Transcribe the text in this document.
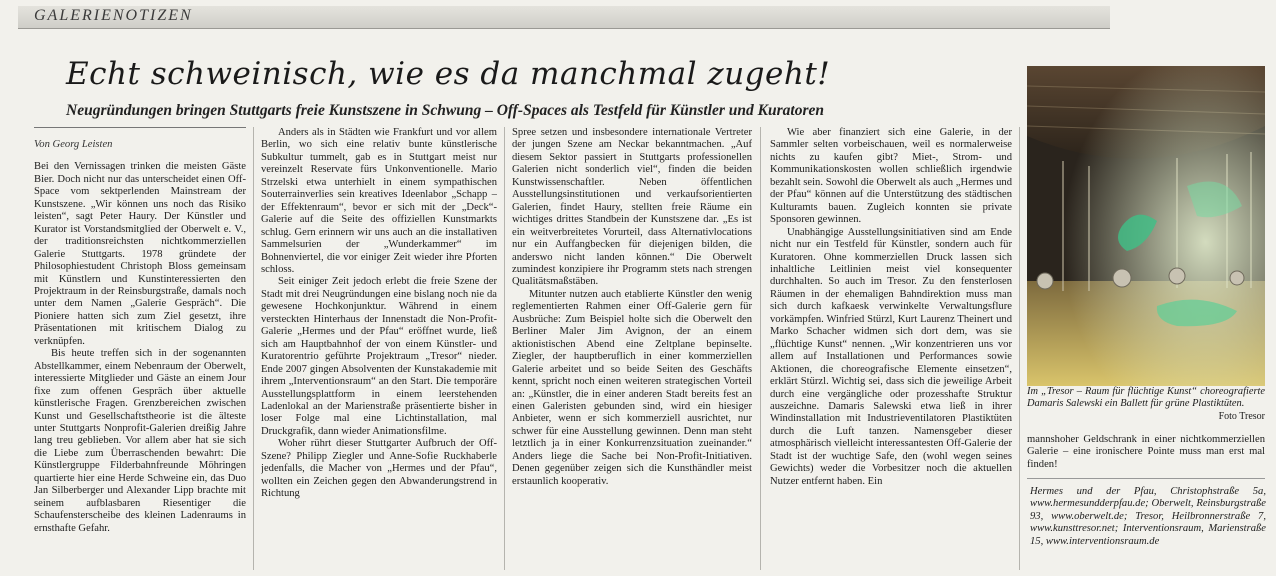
GALERIENOTIZEN
Echt schweinisch, wie es da manchmal zugeht!
Neugründungen bringen Stuttgarts freie Kunstszene in Schwung – Off-Spaces als Testfeld für Künstler und Kuratoren
Von Georg Leisten

Bei den Vernissagen trinken die meisten Gäste Bier. Doch nicht nur das unterscheidet einen Off-Space vom sektperlenden Mainstream der Kunstszene. „Wir können uns noch das Risiko leisten“, sagt Peter Haury. Der Künstler und Kurator ist Vorstandsmitglied der Oberwelt e. V., der traditionsreichsten nichtkommerziellen Galerie Stuttgarts. 1978 gründete der Philosophiestudent Christoph Bloss gemeinsam mit Künstlern und Kunstinteressierten den Projektraum in der Reinsburgstraße, damals noch unter dem Namen „Galerie Gespräch“. Die Pioniere hatten sich zum Ziel gesetzt, ihre Präsentationen mit kritischem Dialog zu verknüpfen.

Bis heute treffen sich in der sogenannten Abstellkammer, einem Nebenraum der Oberwelt, interessierte Mitglieder und Gäste an einem Jour fixe zum offenen Gespräch über aktuelle künstlerische Fragen. Grenzbereichen zwischen Kunst und Gesellschaftstheorie ist die älteste unter Stuttgarts Nonprofit-Galerien dreißig Jahre lang treu geblieben. Vor allem aber hat sie sich die Liebe zum Überraschenden bewahrt: Die Künstlergruppe Filderbahnfreunde Möhringen quartierte hier eine Herde Schweine ein, das Duo Jan Silberberger und Alexander Lipp brachte mit seinem aufblasbaren Riesentiger die Schaufensterscheibe des kleinen Ladenraums in ernsthafte Gefahr.

Anders als in Städten wie Frankfurt und vor allem Berlin, wo sich eine relativ bunte künstlerische Subkultur tummelt, gab es in Stuttgart meist nur vereinzelt Reservate fürs Unkonventionelle. Mario Strzelski etwa unterhielt in einem sympathischen Souterrainverlies sein kreatives Ideenlabor „Schapp – der Effektenraum“, bevor er sich mit der „Deck“-Galerie auf die Seite des offiziellen Kunstmarkts schlug. Gern erinnern wir uns auch an die installativen Sammelsurien der „Wunderkammer“ im Bohnenviertel, die vor einiger Zeit wieder ihre Pforten schloss.

Seit einiger Zeit jedoch erlebt die freie Szene der Stadt mit drei Neugründungen eine bislang noch nie da gewesene Hochkonjunktur. Während in einem versteckten Hinterhaus der Innenstadt die Non-Profit-Galerie „Hermes und der Pfau“ eröffnet wurde, ließ sich am Hauptbahnhof der von einem Künstler- und Kuratorentrio geführte Projektraum „Tresor“ nieder. Ende 2007 gingen Absolventen der Kunstakademie mit ihrem „Interventionsraum“ an den Start. Die temporäre Ausstellungsplattform in einem leerstehenden Ladenlokal an der Marienstraße präsentierte bisher in loser Folge mal eine Lichtinstallation, mal Druckgrafik, dann wieder Animationsfilme.

Woher rührt dieser Stuttgarter Aufbruch der Off-Szene? Philipp Ziegler und Anne-Sofie Ruckhaberle jedenfalls, die Macher von „Hermes und der Pfau“, wollten ein Zeichen gegen den Abwanderungstrend in Richtung

Spree setzen und insbesondere internationale Vertreter der jungen Szene am Neckar bekanntmachen. „Auf diesem Sektor passiert in Stuttgarts professionellen Galerien nicht sonderlich viel“, finden die beiden Kunstwissenschaftler. Neben öffentlichen Ausstellungsinstitutionen und verkaufsorientierten Galerien, findet Haury, stellten freie Räume ein wichtiges drittes Standbein der Kunstszene dar. „Es ist ein weitverbreitetes Vorurteil, dass Alternativlocations nur ein Auffangbecken für diejenigen bilden, die anderswo nicht landen können.“ Die Oberwelt zumindest konzipiere ihr Programm stets nach strengen Qualitätsmaßstäben.

Mitunter nutzen auch etablierte Künstler den wenig reglementierten Rahmen einer Off-Galerie gern für Ausbrüche: Zum Beispiel holte sich die Oberwelt den Berliner Maler Jim Avignon, der an einem aktionistischen Abend eine Zeltplane bepinselte. Ziegler, der hauptberuflich in einer kommerziellen Galerie arbeitet und so beide Seiten des Geschäfts kennt, spricht noch einen weiteren strategischen Vorteil an: „Künstler, die in einer anderen Stadt bereits fest an einen Galeristen gebunden sind, wird ein hiesiger Anbieter, wenn er sich kommerziell ausrichtet, nur schwer für eine Ausstellung gewinnen. Denn man steht letztlich ja in einer Konkurrenzsituation zueinander.“ Anders liege die Sache bei Non-Profit-Initiativen. Denen gegenüber zeigen sich die Kunsthändler meist erstaunlich kooperativ.

Wie aber finanziert sich eine Galerie, in der Sammler selten vorbeischauen, weil es normalerweise nichts zu kaufen gibt? Miet-, Strom- und Kommunikationskosten wollen schließlich irgendwie bezahlt sein. Sowohl die Oberwelt als auch „Hermes und der Pfau“ können auf die Unterstützung des städtischen Kulturamts bauen. Zugleich konnten sie private Sponsoren gewinnen.

Unabhängige Ausstellungsinitiativen sind am Ende nicht nur ein Testfeld für Künstler, sondern auch für Kuratoren. Ohne kommerziellen Druck lassen sich inhaltliche Leitlinien meist viel konsequenter durchhalten. So auch im Tresor. Zu den fensterlosen Räumen in der ehemaligen Bahndirektion muss man sich durch kafkaesk verwinkelte Verwaltungsflure vorkämpfen. Winfried Stürzl, Kurt Laurenz Theinert und Marko Schacher widmen sich dort dem, was sie „flüchtige Kunst“ nennen. „Wir konzentrieren uns vor allem auf Installationen und Performances sowie Aktionen, die choreografische Elemente einsetzen“, erklärt Stürzl. Wichtig sei, dass sich die jeweilige Arbeit durch eine vergängliche oder prozesshafte Struktur auszeichne. Damaris Salewski etwa ließ in ihrer Windinstallation mit Industrieventilatoren Plastiktüten durch die Luft tanzen. Namensgeber dieser atmosphärisch vielleicht interessantesten Off-Galerie der Stadt ist der wuchtige Safe, den (wohl wegen seines Gewichts) weder die Vorbesitzer noch die aktuellen Nutzer entfernt haben. Ein

Im „Tresor – Raum für flüchtige Kunst“ choreografierte Damaris Salewski ein Ballett für grüne Plastiktüten.
Foto Tresor
mannshoher Geldschrank in einer nichtkommerziellen Galerie – eine ironischere Pointe muss man erst mal finden!
Hermes und der Pfau, Christophstraße 5a, www.hermesundderpfau.de; Oberwelt, Reinsburgstraße 93, www.oberwelt.de; Tresor, Heilbronnerstraße 7, www.kunsttresor.net; Interventionsraum, Marienstraße 15, www.interventionsraum.de
